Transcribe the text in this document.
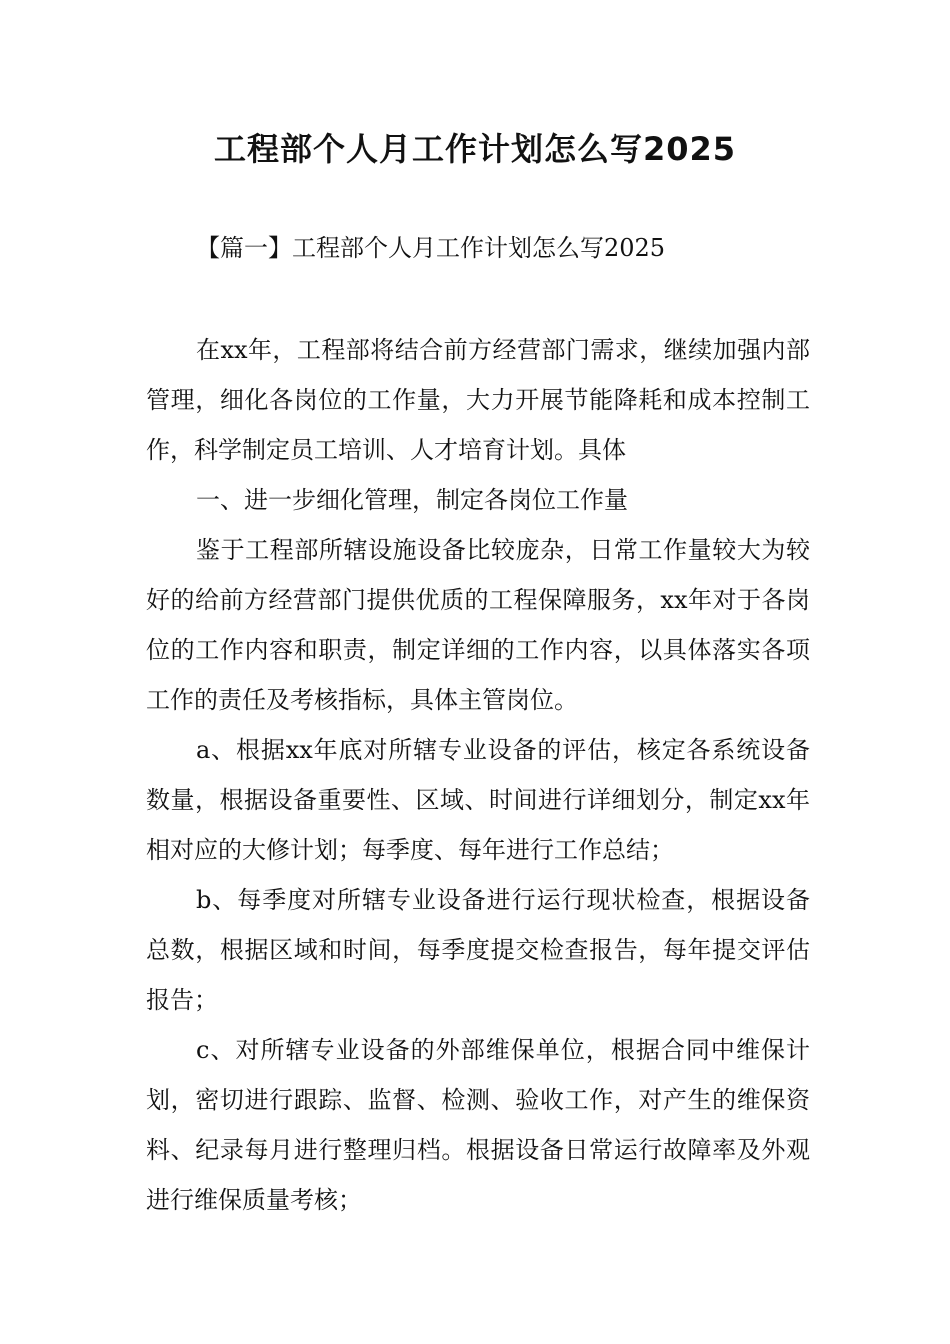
工程部个人月工作计划怎么写2025
【篇一】工程部个人月工作计划怎么写2025

在xx年，工程部将结合前方经营部门需求，继续加强内部管理，细化各岗位的工作量，大力开展节能降耗和成本控制工作，科学制定员工培训、人才培育计划。具体

一、进一步细化管理，制定各岗位工作量

鉴于工程部所辖设施设备比较庞杂，日常工作量较大为较好的给前方经营部门提供优质的工程保障服务，xx年对于各岗位的工作内容和职责，制定详细的工作内容，以具体落实各项工作的责任及考核指标，具体主管岗位。

a、根据xx年底对所辖专业设备的评估，核定各系统设备数量，根据设备重要性、区域、时间进行详细划分，制定xx年相对应的大修计划；每季度、每年进行工作总结；

b、每季度对所辖专业设备进行运行现状检查，根据设备总数，根据区域和时间，每季度提交检查报告，每年提交评估报告；

c、对所辖专业设备的外部维保单位，根据合同中维保计划，密切进行跟踪、监督、检测、验收工作，对产生的维保资料、纪录每月进行整理归档。根据设备日常运行故障率及外观进行维保质量考核；
